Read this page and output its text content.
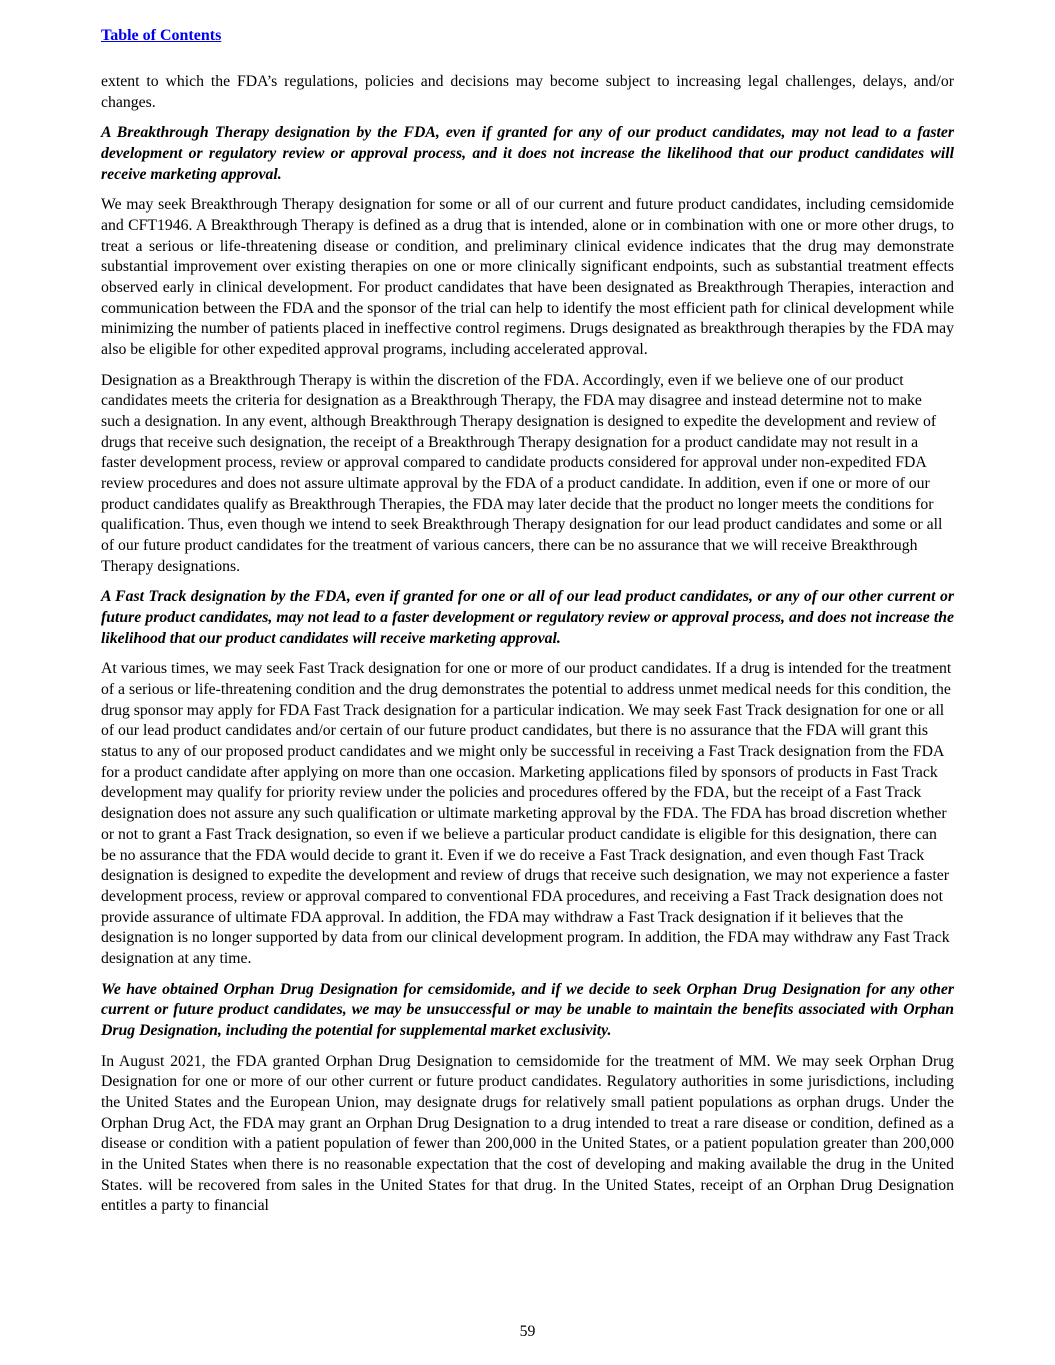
Table of Contents

extent to which the FDA’s regulations, policies and decisions may become subject to increasing legal challenges, delays, and/or changes.

A Breakthrough Therapy designation by the FDA, even if granted for any of our product candidates, may not lead to a faster development or regulatory review or approval process, and it does not increase the likelihood that our product candidates will receive marketing approval.

We may seek Breakthrough Therapy designation for some or all of our current and future product candidates, including cemsidomide and CFT1946. A Breakthrough Therapy is defined as a drug that is intended, alone or in combination with one or more other drugs, to treat a serious or life-threatening disease or condition, and preliminary clinical evidence indicates that the drug may demonstrate substantial improvement over existing therapies on one or more clinically significant endpoints, such as substantial treatment effects observed early in clinical development. For product candidates that have been designated as Breakthrough Therapies, interaction and communication between the FDA and the sponsor of the trial can help to identify the most efficient path for clinical development while minimizing the number of patients placed in ineffective control regimens. Drugs designated as breakthrough therapies by the FDA may also be eligible for other expedited approval programs, including accelerated approval.

Designation as a Breakthrough Therapy is within the discretion of the FDA. Accordingly, even if we believe one of our product candidates meets the criteria for designation as a Breakthrough Therapy, the FDA may disagree and instead determine not to make such a designation. In any event, although Breakthrough Therapy designation is designed to expedite the development and review of drugs that receive such designation, the receipt of a Breakthrough Therapy designation for a product candidate may not result in a faster development process, review or approval compared to candidate products considered for approval under non-expedited FDA review procedures and does not assure ultimate approval by the FDA of a product candidate. In addition, even if one or more of our product candidates qualify as Breakthrough Therapies, the FDA may later decide that the product no longer meets the conditions for qualification. Thus, even though we intend to seek Breakthrough Therapy designation for our lead product candidates and some or all of our future product candidates for the treatment of various cancers, there can be no assurance that we will receive Breakthrough Therapy designations.

A Fast Track designation by the FDA, even if granted for one or all of our lead product candidates, or any of our other current or future product candidates, may not lead to a faster development or regulatory review or approval process, and does not increase the likelihood that our product candidates will receive marketing approval.

At various times, we may seek Fast Track designation for one or more of our product candidates. If a drug is intended for the treatment of a serious or life-threatening condition and the drug demonstrates the potential to address unmet medical needs for this condition, the drug sponsor may apply for FDA Fast Track designation for a particular indication. We may seek Fast Track designation for one or all of our lead product candidates and/or certain of our future product candidates, but there is no assurance that the FDA will grant this status to any of our proposed product candidates and we might only be successful in receiving a Fast Track designation from the FDA for a product candidate after applying on more than one occasion. Marketing applications filed by sponsors of products in Fast Track development may qualify for priority review under the policies and procedures offered by the FDA, but the receipt of a Fast Track designation does not assure any such qualification or ultimate marketing approval by the FDA. The FDA has broad discretion whether or not to grant a Fast Track designation, so even if we believe a particular product candidate is eligible for this designation, there can be no assurance that the FDA would decide to grant it. Even if we do receive a Fast Track designation, and even though Fast Track designation is designed to expedite the development and review of drugs that receive such designation, we may not experience a faster development process, review or approval compared to conventional FDA procedures, and receiving a Fast Track designation does not provide assurance of ultimate FDA approval. In addition, the FDA may withdraw a Fast Track designation if it believes that the designation is no longer supported by data from our clinical development program. In addition, the FDA may withdraw any Fast Track designation at any time.

We have obtained Orphan Drug Designation for cemsidomide, and if we decide to seek Orphan Drug Designation for any other current or future product candidates, we may be unsuccessful or may be unable to maintain the benefits associated with Orphan Drug Designation, including the potential for supplemental market exclusivity.

In August 2021, the FDA granted Orphan Drug Designation to cemsidomide for the treatment of MM. We may seek Orphan Drug Designation for one or more of our other current or future product candidates. Regulatory authorities in some jurisdictions, including the United States and the European Union, may designate drugs for relatively small patient populations as orphan drugs. Under the Orphan Drug Act, the FDA may grant an Orphan Drug Designation to a drug intended to treat a rare disease or condition, defined as a disease or condition with a patient population of fewer than 200,000 in the United States, or a patient population greater than 200,000 in the United States when there is no reasonable expectation that the cost of developing and making available the drug in the United States. will be recovered from sales in the United States for that drug. In the United States, receipt of an Orphan Drug Designation entitles a party to financial

59
